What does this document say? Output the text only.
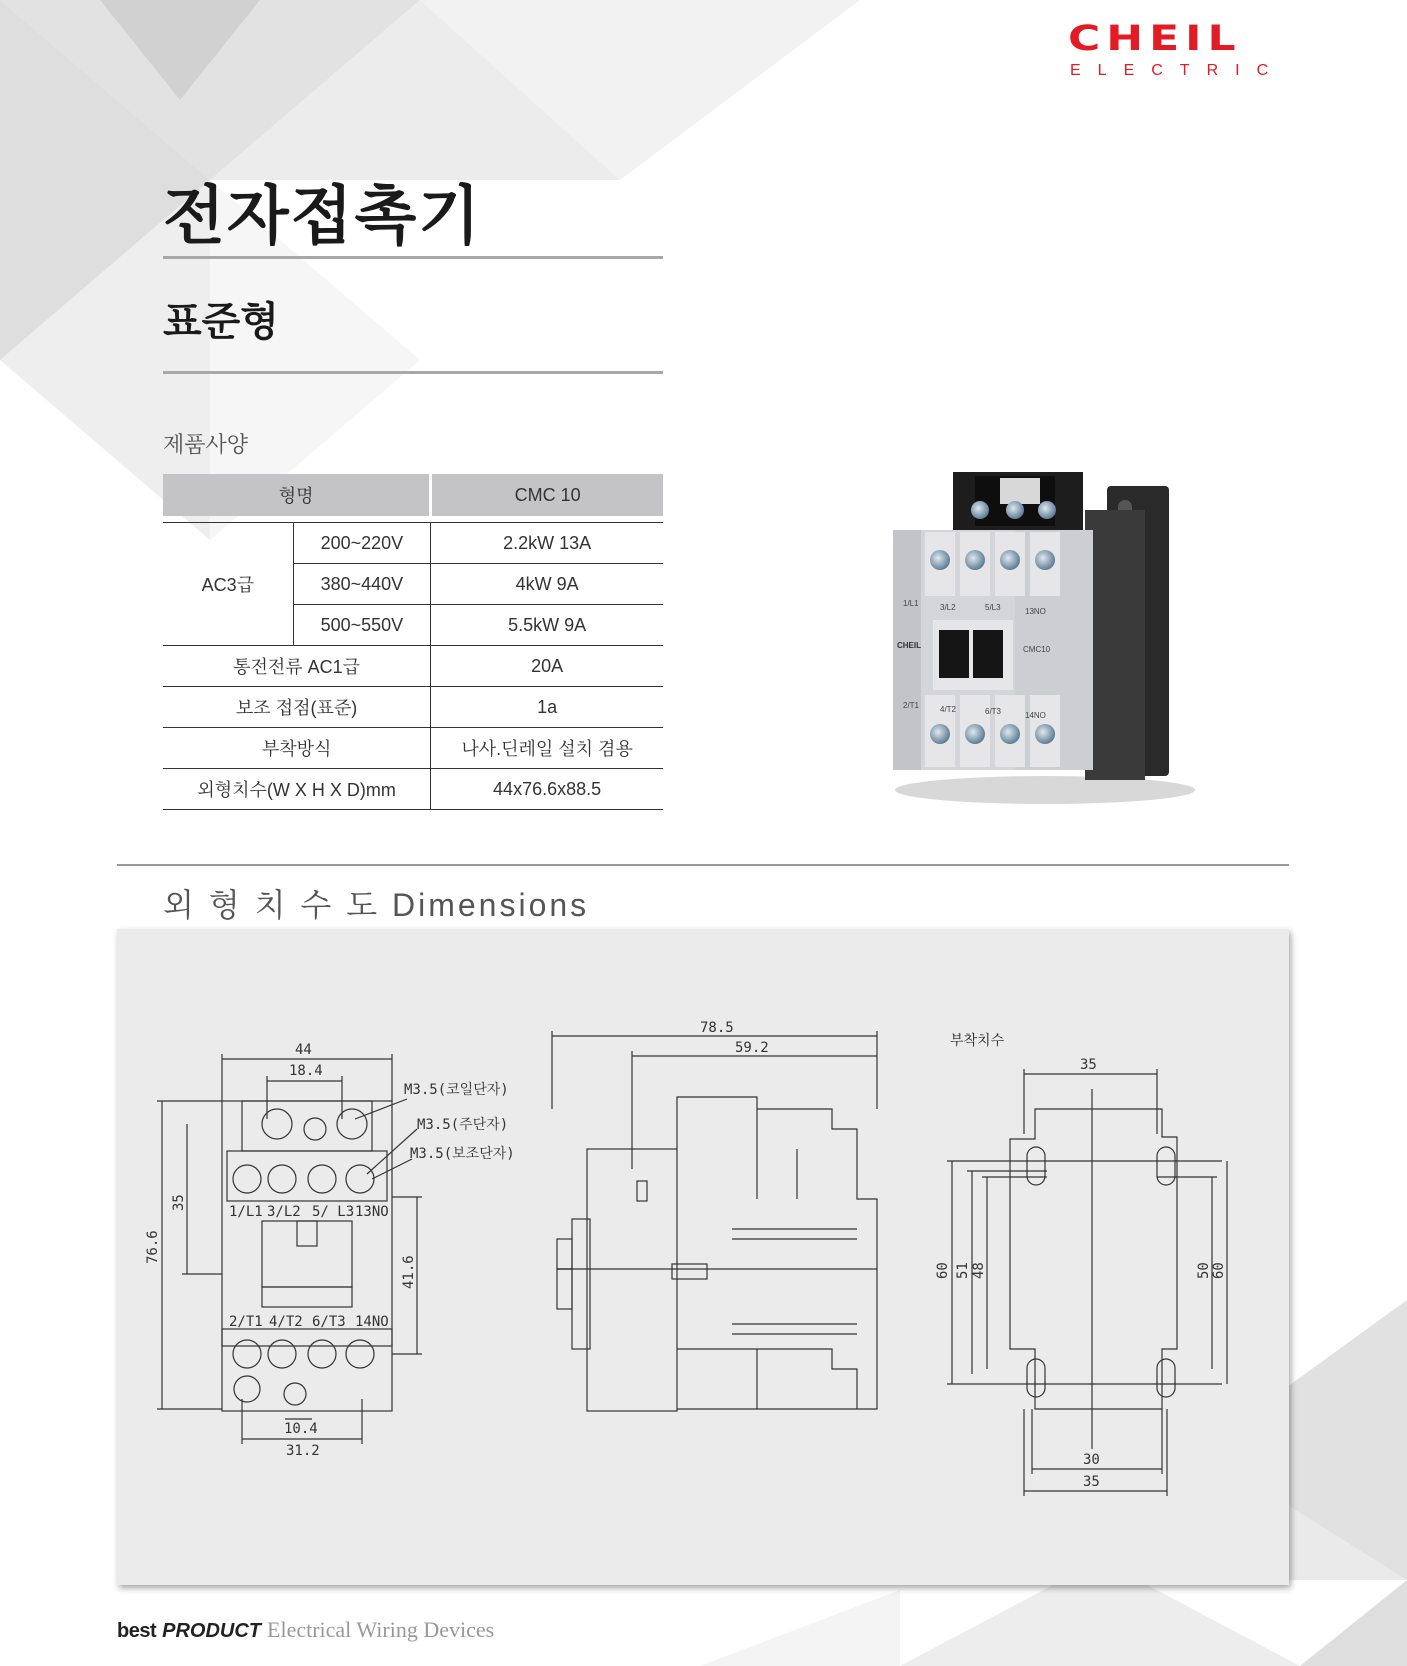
CHEIL
ELECTRIC
전자접촉기
표준형
제품사양
형명		CMC 10

AC3급	200~220V	2.2kW 13A
	380~440V	4kW 9A
	500~550V	5.5kW 9A
통전전류 AC1급		20A
보조 접점(표준)		1a
부착방식		나사.딘레일 설치 겸용
외형치수(W X H X D)mm		44x76.6x88.5
1/L1	3/L2	5/L3	13NO
CHEIL	CMC10
2/T1	4/T2	6/T3	14NO
외 형 치 수 도 Dimensions
44
18.4
76.6
35
41.6
10.4
31.2
M3.5(코일단자)
M3.5(주단자)
M3.5(보조단자)
1/L1 3/L2 5/ L3 13NO
2/T1 4/T2 6/T3 14NO
78.5
59.2	부착치수
35
60 51 48	50 60
30
35
best PRODUCT Electrical Wiring Devices
